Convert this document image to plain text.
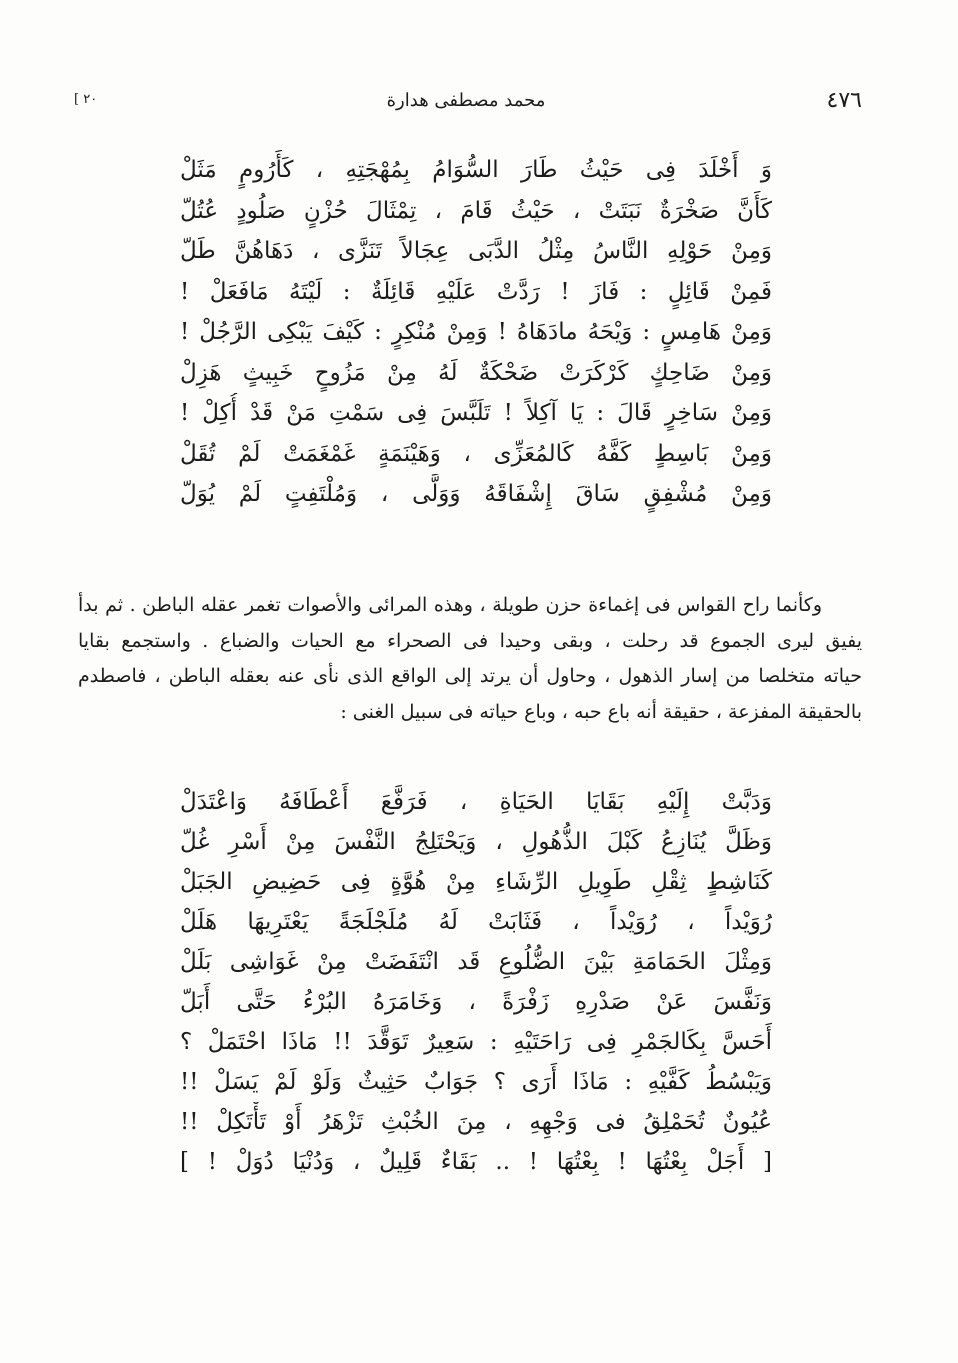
٤٧٦
محمد مصطفى هدارة
[ ٢٠
وَ أَخْلَدَ فِى حَيْثُ طَارَ السُّوَامُ بِمُهْجَتِهِ ، كَأَرُومٍ مَثَلْ
كَأَنَّ صَخْرَةٌ نَبَتَتْ ، حَيْثُ قَامَ ، تِمْثَالَ حُزْنٍ صَلُودٍ عُتُلّ
وَمِنْ حَوْلِهِ النَّاسُ مِثْلُ الدَّبَى عِجَالاً تَنَزَّى ، دَهَاهُنَّ طَلّ
فَمِنْ قَائِلٍ : فَازَ ! رَدَّتْ عَلَيْهِ قَائِلَةٌ : لَيْتَهُ مَافَعَلْ !
وَمِنْ هَامِسٍ : وَيْحَهُ مادَهَاهُ ! وَمِنْ مُنْكِرٍ : كَيْفَ يَبْكِى الرَّجُلْ !
وَمِنْ ضَاحِكٍ كَرْكَرَتْ ضَحْكَةٌ لَهُ مِنْ مَزُوحٍ خَبِيثٍ هَزِلْ
وَمِنْ سَاخِرٍ قَالَ : يَا آكِلاً ! تَلَبَّسَ فِى سَمْتِ مَنْ قَدْ أُكِلْ !
وَمِنْ بَاسِطٍ كَفَّهُ كَالمُعَزِّى ، وَهَيْنَمَةٍ غَمْغَمَتْ لَمْ تُقَلْ
وَمِنْ مُشْفِقٍ سَاقَ إِشْفَاقَهُ وَوَلَّى ، وَمُلْتَفِتٍ لَمْ يُوَلّ
وكأنما راح القواس فى إغماءة حزن طويلة ، وهذه المرائى والأصوات تغمر عقله الباطن . ثم بدأ
يفيق ليرى الجموع قد رحلت ، وبقى وحيدا فى الصحراء مع الحيات والضباع . واستجمع بقايا
حياته متخلصا من إسار الذهول ، وحاول أن يرتد إلى الواقع الذى نأى عنه بعقله الباطن ، فاصطدم
بالحقيقة المفزعة ، حقيقة أنه باع حبه ، وباع حياته فى سبيل الغنى :
وَدَبَّتْ إِلَيْهِ بَقَايَا الحَيَاةِ ، فَرَفَّعَ أَعْطَافَهُ وَاعْتَدَلْ
وَظَلَّ يُنَازِعُ كَبْلَ الذُّهُولِ ، وَيَحْتَلِجُ النَّفْسَ مِنْ أَسْرِ غُلّ
كَنَاشِطٍ ثِقْلِ طَوِيلِ الرِّشَاءِ مِنْ هُوَّةٍ فِى حَضِيضِ الجَبَلْ
رُوَيْداً ، رُوَيْداً ، فَثَابَتْ لَهُ مُلَجْلَجَةً يَعْتَرِيهَا هَلَلْ
وَمِثْلَ الحَمَامَةِ بَيْنَ الضُّلُوعِ قَد انْتَفَضَتْ مِنْ غَوَاشِى بَلَلْ
وَنَفَّسَ عَنْ صَدْرِهِ زَفْرَةً ، وَخَامَرَهُ البُرْءُ حَتَّى أَبَلّ
أَحَسَّ بِكَالجَمْرِ فِى رَاحَتَيْهِ : سَعِيرٌ تَوَقَّدَ !! مَاذَا احْتَمَلْ ؟
وَيَبْسُطُ كَفَّيْهِ : مَاذَا أَرَى ؟ جَوَابٌ حَثِيثٌ وَلَوْ لَمْ يَسَلْ !!
عُيُونٌ تُحَمْلِقُ فى وَجْهِهِ ، مِنَ الخُبْثِ تَزْهَرُ أَوْ تَأْتَكِلْ !!
[ أَجَلْ بِعْتُهَا ! بِعْتُهَا ! .. بَقَاءٌ قَلِيلٌ ، وَدُنْيَا دُوَلْ ! ]
